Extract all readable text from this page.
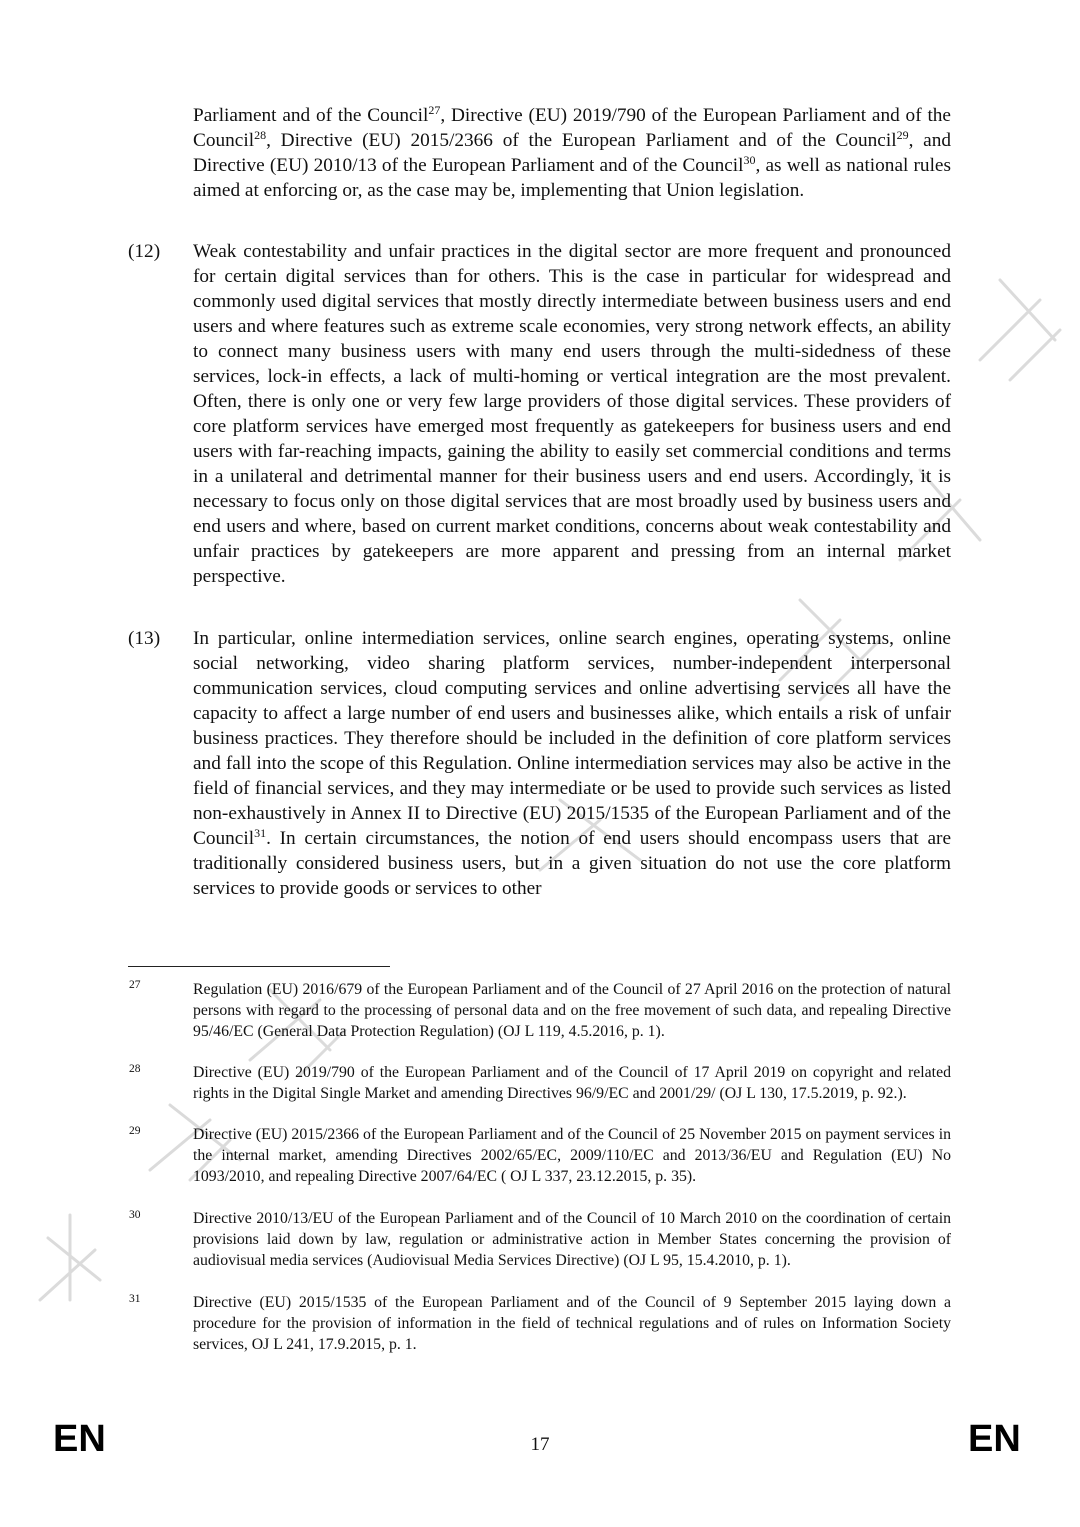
Parliament and of the Council$^{27}$, Directive (EU) 2019/790 of the European Parliament and of the Council$^{28}$, Directive (EU) 2015/2366 of the European Parliament and of the Council$^{29}$, and Directive (EU) 2010/13 of the European Parliament and of the Council$^{30}$, as well as national rules aimed at enforcing or, as the case may be, implementing that Union legislation.
(12) Weak contestability and unfair practices in the digital sector are more frequent and pronounced for certain digital services than for others. This is the case in particular for widespread and commonly used digital services that mostly directly intermediate between business users and end users and where features such as extreme scale economies, very strong network effects, an ability to connect many business users with many end users through the multi-sidedness of these services, lock-in effects, a lack of multi-homing or vertical integration are the most prevalent. Often, there is only one or very few large providers of those digital services. These providers of core platform services have emerged most frequently as gatekeepers for business users and end users with far-reaching impacts, gaining the ability to easily set commercial conditions and terms in a unilateral and detrimental manner for their business users and end users. Accordingly, it is necessary to focus only on those digital services that are most broadly used by business users and end users and where, based on current market conditions, concerns about weak contestability and unfair practices by gatekeepers are more apparent and pressing from an internal market perspective.
(13) In particular, online intermediation services, online search engines, operating systems, online social networking, video sharing platform services, number-independent interpersonal communication services, cloud computing services and online advertising services all have the capacity to affect a large number of end users and businesses alike, which entails a risk of unfair business practices. They therefore should be included in the definition of core platform services and fall into the scope of this Regulation. Online intermediation services may also be active in the field of financial services, and they may intermediate or be used to provide such services as listed non-exhaustively in Annex II to Directive (EU) 2015/1535 of the European Parliament and of the Council$^{31}$. In certain circumstances, the notion of end users should encompass users that are traditionally considered business users, but in a given situation do not use the core platform services to provide goods or services to other
27	Regulation (EU) 2016/679 of the European Parliament and of the Council of 27 April 2016 on the protection of natural persons with regard to the processing of personal data and on the free movement of such data, and repealing Directive 95/46/EC (General Data Protection Regulation) (OJ L 119, 4.5.2016, p. 1).
28	Directive (EU) 2019/790 of the European Parliament and of the Council of 17 April 2019 on copyright and related rights in the Digital Single Market and amending Directives 96/9/EC and 2001/29/ (OJ L 130, 17.5.2019, p. 92.).
29	Directive (EU) 2015/2366 of the European Parliament and of the Council of 25 November 2015 on payment services in the internal market, amending Directives 2002/65/EC, 2009/110/EC and 2013/36/EU and Regulation (EU) No 1093/2010, and repealing Directive 2007/64/EC ( OJ L 337, 23.12.2015, p. 35).
30	Directive 2010/13/EU of the European Parliament and of the Council of 10 March 2010 on the coordination of certain provisions laid down by law, regulation or administrative action in Member States concerning the provision of audiovisual media services (Audiovisual Media Services Directive) (OJ L 95, 15.4.2010, p. 1).
31	Directive (EU) 2015/1535 of the European Parliament and of the Council of 9 September 2015 laying down a procedure for the provision of information in the field of technical regulations and of rules on Information Society services, OJ L 241, 17.9.2015, p. 1.
EN	17	EN
